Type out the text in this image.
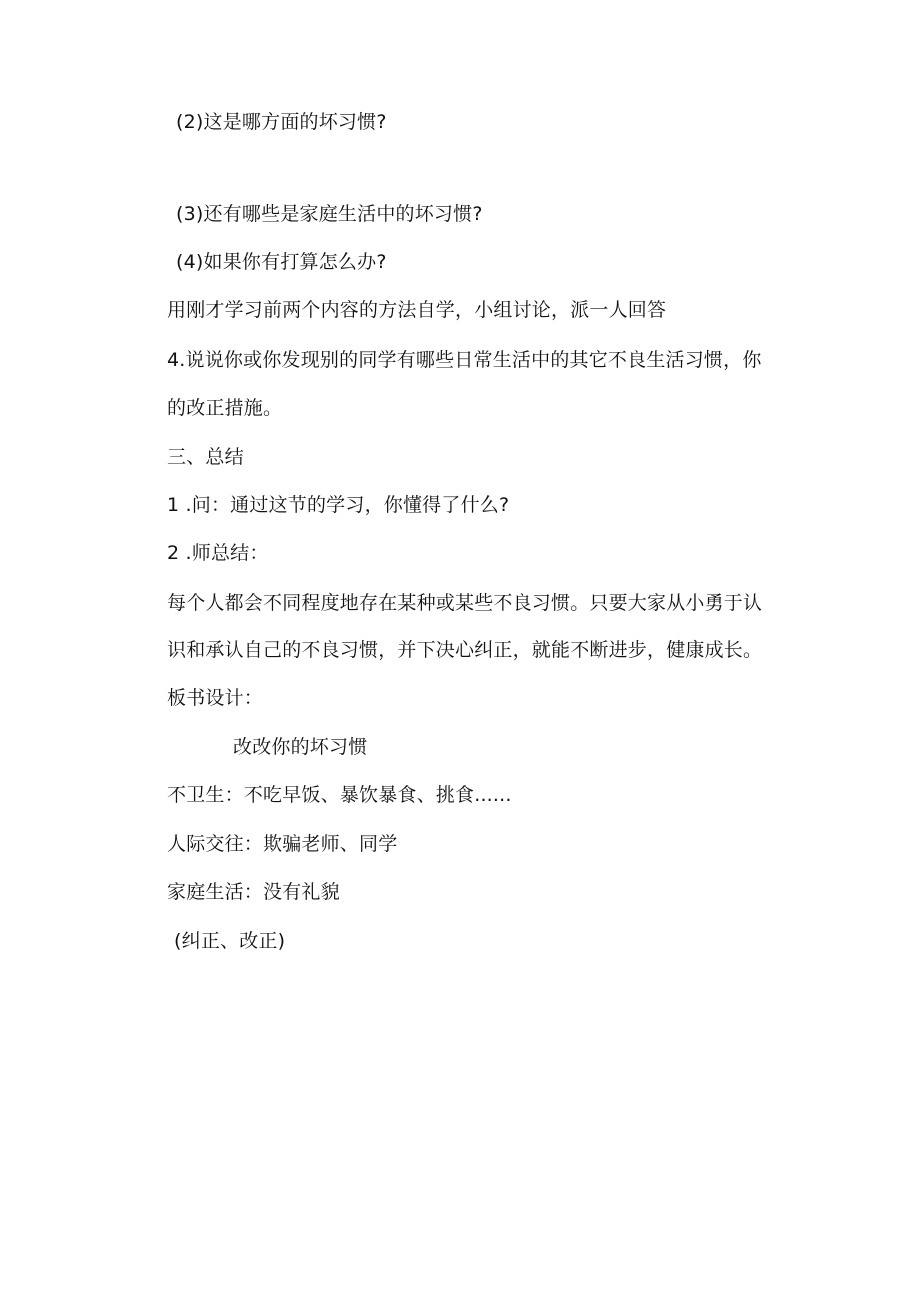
(2)这是哪方面的坏习惯?
(3)还有哪些是家庭生活中的坏习惯?
(4)如果你有打算怎么办?
用刚才学习前两个内容的方法自学，小组讨论，派一人回答
4.说说你或你发现别的同学有哪些日常生活中的其它不良生活习惯，你
的改正措施。
三、总结
1 .问：通过这节的学习，你懂得了什么?
2 .师总结：
每个人都会不同程度地存在某种或某些不良习惯。只要大家从小勇于认
识和承认自己的不良习惯，并下决心纠正，就能不断进步，健康成长。
板书设计：
改改你的坏习惯
不卫生：不吃早饭、暴饮暴食、挑食......
人际交往：欺骗老师、同学
家庭生活：没有礼貌
(纠正、改正)
